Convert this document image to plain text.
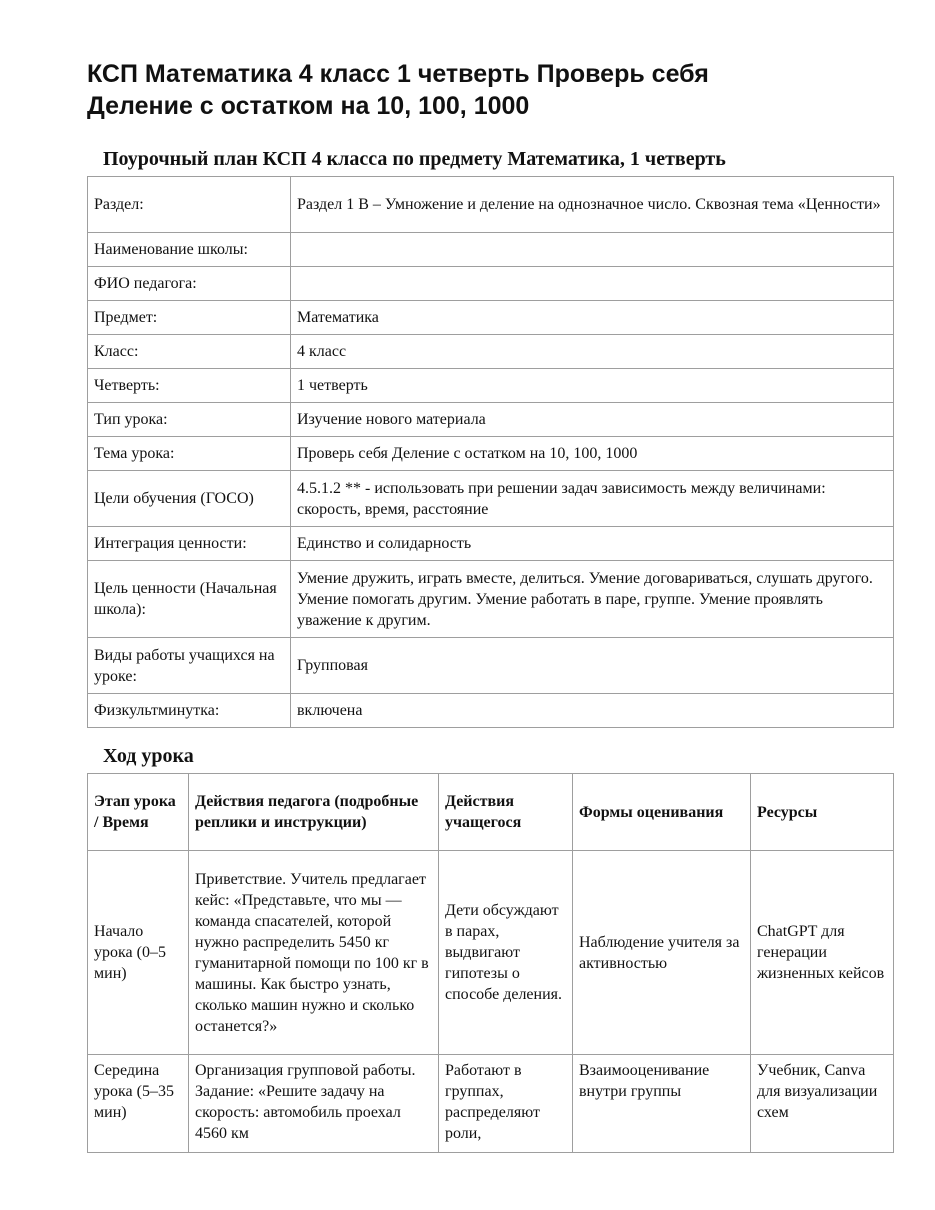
КСП Математика 4 класс 1 четверть Проверь себя
Деление с остатком на 10, 100, 1000
Поурочный план КСП 4 класса по предмету Математика, 1 четверть
Раздел:	Раздел 1 В – Умножение и деление на однозначное число. Сквозная тема «Ценности»
Наименование школы:	
ФИО педагога:	
Предмет:	Математика
Класс:	4 класс
Четверть:	1 четверть
Тип урока:	Изучение нового материала
Тема урока:	Проверь себя Деление с остатком на 10, 100, 1000
Цели обучения (ГОСО)	4.5.1.2 ** - использовать при решении задач зависимость между величинами: скорость, время, расстояние
Интеграция ценности:	Единство и солидарность
Цель ценности (Начальная школа):	Умение дружить, играть вместе, делиться. Умение договариваться, слушать другого. Умение помогать другим. Умение работать в паре, группе. Умение проявлять уважение к другим.
Виды работы учащихся на уроке:	Групповая
Физкультминутка:	включена
Ход урока
Этап урока / Время	Действия педагога (подробные реплики и инструкции)	Действия учащегося	Формы оценивания	Ресурсы
Начало урока (0–5 мин)	Приветствие. Учитель предлагает кейс: «Представьте, что мы — команда спасателей, которой нужно распределить 5450 кг гуманитарной помощи по 100 кг в машины. Как быстро узнать, сколько машин нужно и сколько останется?»	Дети обсуждают в парах, выдвигают гипотезы о способе деления.	Наблюдение учителя за активностью	ChatGPT для генерации жизненных кейсов
Середина урока (5–35 мин)	Организация групповой работы. Задание: «Решите задачу на скорость: автомобиль проехал 4560 км	Работают в группах, распределяют роли,	Взаимооценивание внутри группы	Учебник, Canva для визуализации схем
